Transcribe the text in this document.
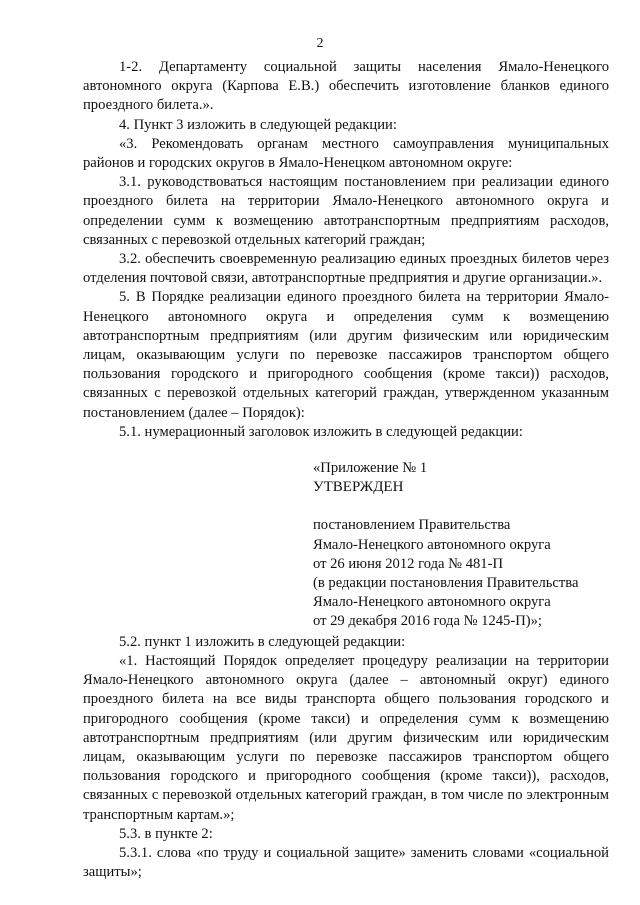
2

1-2. Департаменту социальной защиты населения Ямало-Ненецкого автономного округа (Карпова Е.В.) обеспечить изготовление бланков единого проездного билета.».

4. Пункт 3 изложить в следующей редакции:

«3. Рекомендовать органам местного самоуправления муниципальных районов и городских округов в Ямало-Ненецком автономном округе:

3.1. руководствоваться настоящим постановлением при реализации единого проездного билета на территории Ямало-Ненецкого автономного округа и определении сумм к возмещению автотранспортным предприятиям расходов, связанных с перевозкой отдельных категорий граждан;

3.2. обеспечить своевременную реализацию единых проездных билетов через отделения почтовой связи, автотранспортные предприятия и другие организации.».

5. В Порядке реализации единого проездного билета на территории Ямало-Ненецкого автономного округа и определения сумм к возмещению автотранспортным предприятиям (или другим физическим или юридическим лицам, оказывающим услуги по перевозке пассажиров транспортом общего пользования городского и пригородного сообщения (кроме такси)) расходов, связанных с перевозкой отдельных категорий граждан, утвержденном указанным постановлением (далее – Порядок):

5.1. нумерационный заголовок изложить в следующей редакции:

«Приложение № 1
УТВЕРЖДЕН
постановлением Правительства
Ямало-Ненецкого автономного округа
от 26 июня 2012 года № 481-П
(в редакции постановления Правительства
Ямало-Ненецкого автономного округа
от 29 декабря 2016 года № 1245-П)»;

5.2. пункт 1 изложить в следующей редакции:

«1. Настоящий Порядок определяет процедуру реализации на территории Ямало-Ненецкого автономного округа (далее – автономный округ) единого проездного билета на все виды транспорта общего пользования городского и пригородного сообщения (кроме такси) и определения сумм к возмещению автотранспортным предприятиям (или другим физическим или юридическим лицам, оказывающим услуги по перевозке пассажиров транспортом общего пользования городского и пригородного сообщения (кроме такси)), расходов, связанных с перевозкой отдельных категорий граждан, в том числе по электронным транспортным картам.»;

5.3. в пункте 2:

5.3.1. слова «по труду и социальной защите» заменить словами «социальной защиты»;
